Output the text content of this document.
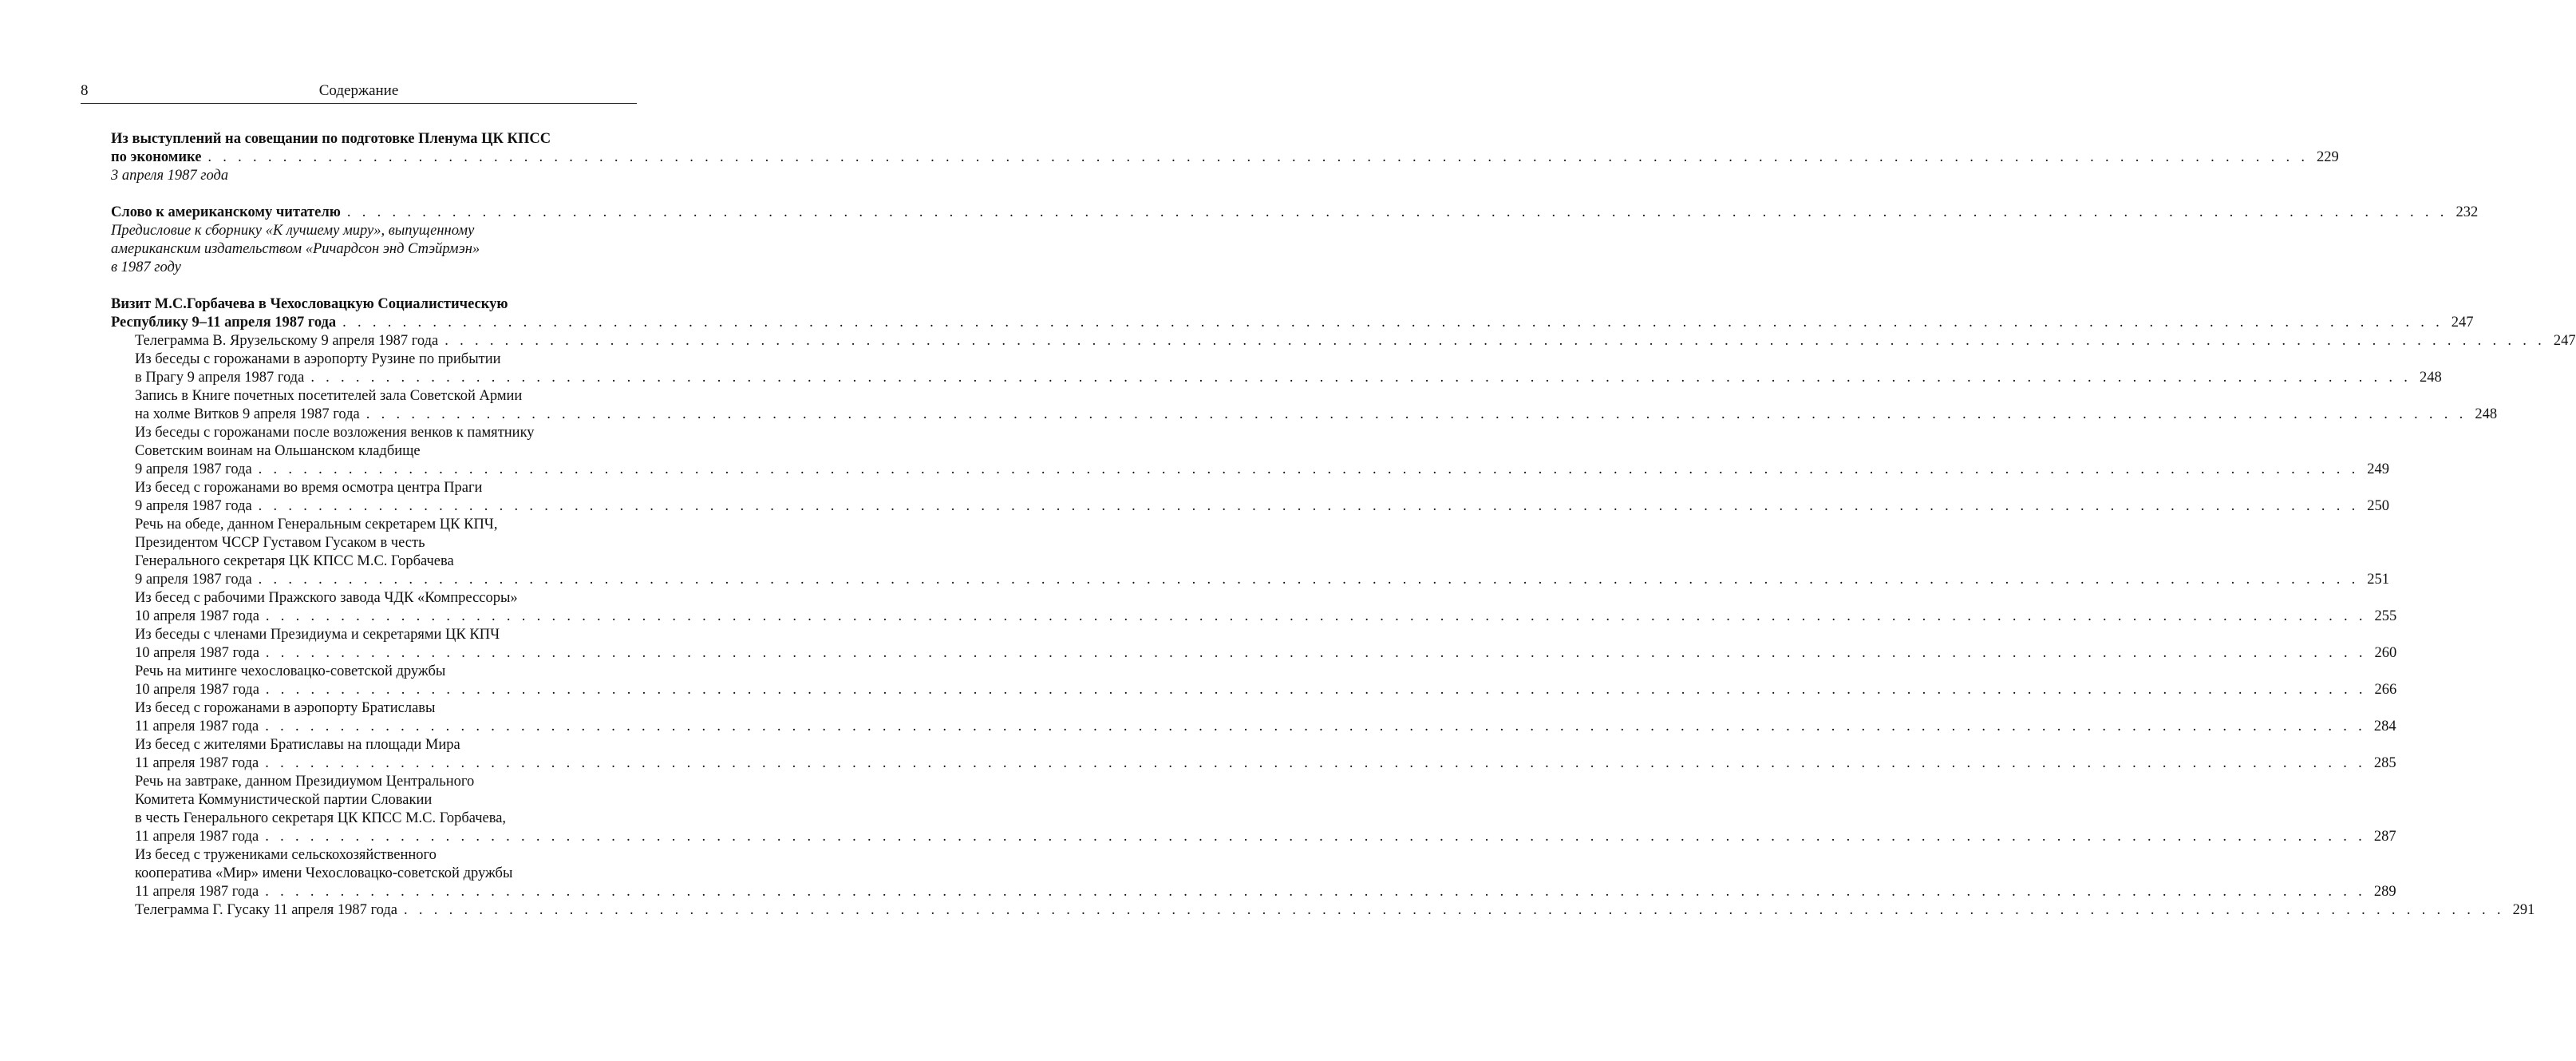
8	Содержание
Из выступлений на совещании по подготовке Пленума ЦК КПСС
по экономике . . . . . . . . . . . . . . . . . . . . . . . . . . . . . . . . . . . . . . . . . . . . . . . . . . . . . . . . . . . . . . . . . . . . . . . . . . . . . . . . . . . . . . . . . . . . . . . . . . . . . . . . . . . . . . . . . . . . . . . . . . . . . . . . . . . . . . . . . . . . 229
3 апреля 1987 года
Слово к американскому читателю . . . . . . . . . . . . . . . . . . . . . . . . . . . . . . . . . . . . . . . . . . . . . . . . . . . . . . . . . . . . . . . . . . . . . . . . . . . . . . . . . . . . . . . . . . . . . . . . . . . . . . . . . . . . . . . . . . . . . . . . . . . . . . . . . . . . . . . . . . . . 232
Предисловие к сборнику «К лучшему миру», выпущенному
американским издательством «Ричардсон энд Стэйрмэн»
в 1987 году
Визит М.С.Горбачева в Чехословацкую Социалистическую
Республику 9–11 апреля 1987 года . . . . . . . . . . . . . . . . . . . . . . . . . . . . . . . . . . . . . . . . . . . . . . . . . . . . . . . . . . . . . . . . . . . . . . . . . . . . . . . . . . . . . . . . . . . . . . . . . . . . . . . . . . . . . . . . . . . . . . . . . . . . . . . . . . . . . . . . . . . . 247
Телеграмма В. Ярузельскому 9 апреля 1987 года . . . . . . . . . . . . . . . . . . . . . . . . . . . . . . . . . . . . . . . . . . . . . . . . . . . . . . . . . . . . . . . . . . . . . . . . . . . . . . . . . . . . . . . . . . . . . . . . . . . . . . . . . . . . . . . . . . . . . . . . . . . . . . . . . . . . . . . . . . . . 247
Из беседы с горожанами в аэропорту Рузине по прибытии
в Прагу 9 апреля 1987 года . . . . . . . . . . . . . . . . . . . . . . . . . . . . . . . . . . . . . . . . . . . . . . . . . . . . . . . . . . . . . . . . . . . . . . . . . . . . . . . . . . . . . . . . . . . . . . . . . . . . . . . . . . . . . . . . . . . . . . . . . . . . . . . . . . . . . . . . . . . . 248
Запись в Книге почетных посетителей зала Советской Армии
на холме Витков 9 апреля 1987 года . . . . . . . . . . . . . . . . . . . . . . . . . . . . . . . . . . . . . . . . . . . . . . . . . . . . . . . . . . . . . . . . . . . . . . . . . . . . . . . . . . . . . . . . . . . . . . . . . . . . . . . . . . . . . . . . . . . . . . . . . . . . . . . . . . . . . . . . . . . . 248
Из беседы с горожанами после возложения венков к памятнику
Советским воинам на Ольшанском кладбище
9 апреля 1987 года . . . . . . . . . . . . . . . . . . . . . . . . . . . . . . . . . . . . . . . . . . . . . . . . . . . . . . . . . . . . . . . . . . . . . . . . . . . . . . . . . . . . . . . . . . . . . . . . . . . . . . . . . . . . . . . . . . . . . . . . . . . . . . . . . . . . . . . . . . . . 249
Из бесед с горожанами во время осмотра центра Праги
9 апреля 1987 года . . . . . . . . . . . . . . . . . . . . . . . . . . . . . . . . . . . . . . . . . . . . . . . . . . . . . . . . . . . . . . . . . . . . . . . . . . . . . . . . . . . . . . . . . . . . . . . . . . . . . . . . . . . . . . . . . . . . . . . . . . . . . . . . . . . . . . . . . . . . 250
Речь на обеде, данном Генеральным секретарем ЦК КПЧ,
Президентом ЧССР Густавом Гусаком в честь
Генерального секретаря ЦК КПСС М.С. Горбачева
9 апреля 1987 года . . . . . . . . . . . . . . . . . . . . . . . . . . . . . . . . . . . . . . . . . . . . . . . . . . . . . . . . . . . . . . . . . . . . . . . . . . . . . . . . . . . . . . . . . . . . . . . . . . . . . . . . . . . . . . . . . . . . . . . . . . . . . . . . . . . . . . . . . . . . 251
Из бесед с рабочими Пражского завода ЧДК «Компрессоры»
10 апреля 1987 года . . . . . . . . . . . . . . . . . . . . . . . . . . . . . . . . . . . . . . . . . . . . . . . . . . . . . . . . . . . . . . . . . . . . . . . . . . . . . . . . . . . . . . . . . . . . . . . . . . . . . . . . . . . . . . . . . . . . . . . . . . . . . . . . . . . . . . . . . . . . 255
Из беседы с членами Президиума и секретарями ЦК КПЧ
10 апреля 1987 года . . . . . . . . . . . . . . . . . . . . . . . . . . . . . . . . . . . . . . . . . . . . . . . . . . . . . . . . . . . . . . . . . . . . . . . . . . . . . . . . . . . . . . . . . . . . . . . . . . . . . . . . . . . . . . . . . . . . . . . . . . . . . . . . . . . . . . . . . . . . 260
Речь на митинге чехословацко-советской дружбы
10 апреля 1987 года . . . . . . . . . . . . . . . . . . . . . . . . . . . . . . . . . . . . . . . . . . . . . . . . . . . . . . . . . . . . . . . . . . . . . . . . . . . . . . . . . . . . . . . . . . . . . . . . . . . . . . . . . . . . . . . . . . . . . . . . . . . . . . . . . . . . . . . . . . . . 266
Из бесед с горожанами в аэропорту Братиславы
11 апреля 1987 года . . . . . . . . . . . . . . . . . . . . . . . . . . . . . . . . . . . . . . . . . . . . . . . . . . . . . . . . . . . . . . . . . . . . . . . . . . . . . . . . . . . . . . . . . . . . . . . . . . . . . . . . . . . . . . . . . . . . . . . . . . . . . . . . . . . . . . . . . . . . 284
Из бесед с жителями Братиславы на площади Мира
11 апреля 1987 года . . . . . . . . . . . . . . . . . . . . . . . . . . . . . . . . . . . . . . . . . . . . . . . . . . . . . . . . . . . . . . . . . . . . . . . . . . . . . . . . . . . . . . . . . . . . . . . . . . . . . . . . . . . . . . . . . . . . . . . . . . . . . . . . . . . . . . . . . . . . 285
Речь на завтраке, данном Президиумом Центрального
Комитета Коммунистической партии Словакии
в честь Генерального секретаря ЦК КПСС М.С. Горбачева,
11 апреля 1987 года . . . . . . . . . . . . . . . . . . . . . . . . . . . . . . . . . . . . . . . . . . . . . . . . . . . . . . . . . . . . . . . . . . . . . . . . . . . . . . . . . . . . . . . . . . . . . . . . . . . . . . . . . . . . . . . . . . . . . . . . . . . . . . . . . . . . . . . . . . . . 287
Из бесед с тружениками сельскохозяйственного
кооператива «Мир» имени Чехословацко-советской дружбы
11 апреля 1987 года . . . . . . . . . . . . . . . . . . . . . . . . . . . . . . . . . . . . . . . . . . . . . . . . . . . . . . . . . . . . . . . . . . . . . . . . . . . . . . . . . . . . . . . . . . . . . . . . . . . . . . . . . . . . . . . . . . . . . . . . . . . . . . . . . . . . . . . . . . . . 289
Телеграмма Г. Гусаку 11 апреля 1987 года . . . . . . . . . . . . . . . . . . . . . . . . . . . . . . . . . . . . . . . . . . . . . . . . . . . . . . . . . . . . . . . . . . . . . . . . . . . . . . . . . . . . . . . . . . . . . . . . . . . . . . . . . . . . . . . . . . . . . . . . . . . . . . . . . . . . . . . . . . . . 291
